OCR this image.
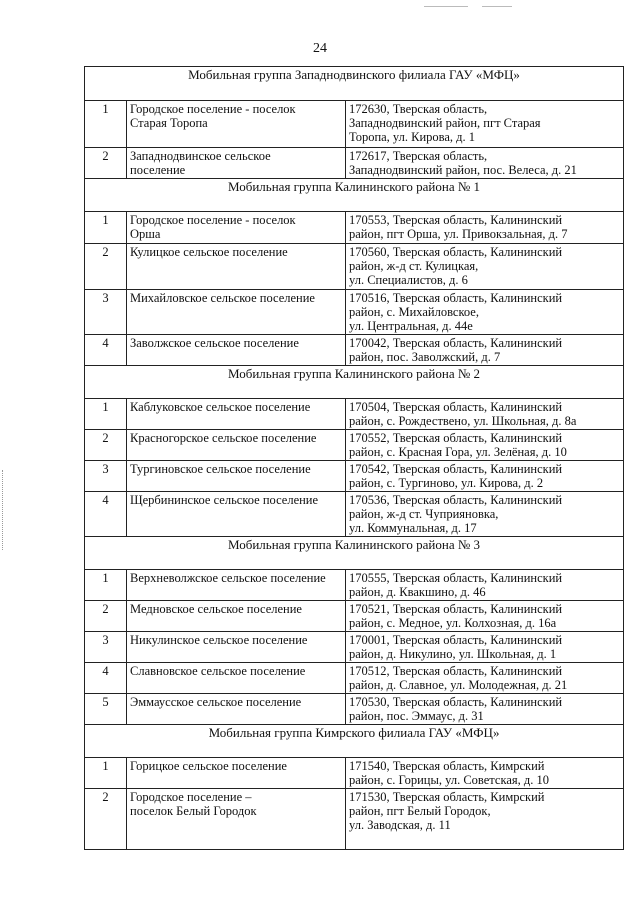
24
Мобильная группа Западнодвинского филиала ГАУ «МФЦ»		
1	Городское поселение - поселок
Старая Торопа	172630, Тверская область,
Западнодвинский район, пгт Старая
Торопа, ул. Кирова, д. 1
2	Западнодвинское сельское
поселение	172617, Тверская область,
Западнодвинский район, пос. Велеса, д. 21
Мобильная группа Калининского района № 1		
1	Городское поселение - поселок
Орша	170553, Тверская область, Калининский
район, пгт Орша, ул. Привокзальная, д. 7
2	Кулицкое сельское поселение	170560, Тверская область, Калининский
район, ж-д ст. Кулицкая,
ул. Специалистов, д. 6
3	Михайловское сельское поселение	170516, Тверская область, Калининский
район, с. Михайловское,
ул. Центральная, д. 44е
4	Заволжское сельское поселение	170042, Тверская область, Калининский
район, пос. Заволжский, д. 7
Мобильная группа Калининского района № 2		
1	Каблуковское сельское поселение	170504, Тверская область, Калининский
район, с. Рождествено, ул. Школьная, д. 8а
2	Красногорское сельское поселение	170552, Тверская область, Калининский
район, с. Красная Гора, ул. Зелёная, д. 10
3	Тургиновское сельское поселение	170542, Тверская область, Калининский
район, с. Тургиново, ул. Кирова, д. 2
4	Щербининское сельское поселение	170536, Тверская область, Калининский
район, ж-д ст. Чуприяновка,
ул. Коммунальная, д. 17
Мобильная группа Калининского района № 3		
1	Верхневолжское сельское поселение	170555, Тверская область, Калининский
район, д. Квакшино, д. 46
2	Медновское сельское поселение	170521, Тверская область, Калининский
район, с. Медное, ул. Колхозная, д. 16а
3	Никулинское сельское поселение	170001, Тверская область, Калининский
район, д. Никулино, ул. Школьная, д. 1
4	Славновское сельское поселение	170512, Тверская область, Калининский
район, д. Славное, ул. Молодежная, д. 21
5	Эммаусское сельское поселение	170530, Тверская область, Калининский
район, пос. Эммаус, д. 31
Мобильная группа Кимрского филиала ГАУ «МФЦ»		
1	Горицкое сельское поселение	171540, Тверская область, Кимрский
район, с. Горицы, ул. Советская, д. 10
2	Городское поселение –
поселок Белый Городок	171530, Тверская область, Кимрский
район, пгт Белый Городок,
ул. Заводская, д. 11
